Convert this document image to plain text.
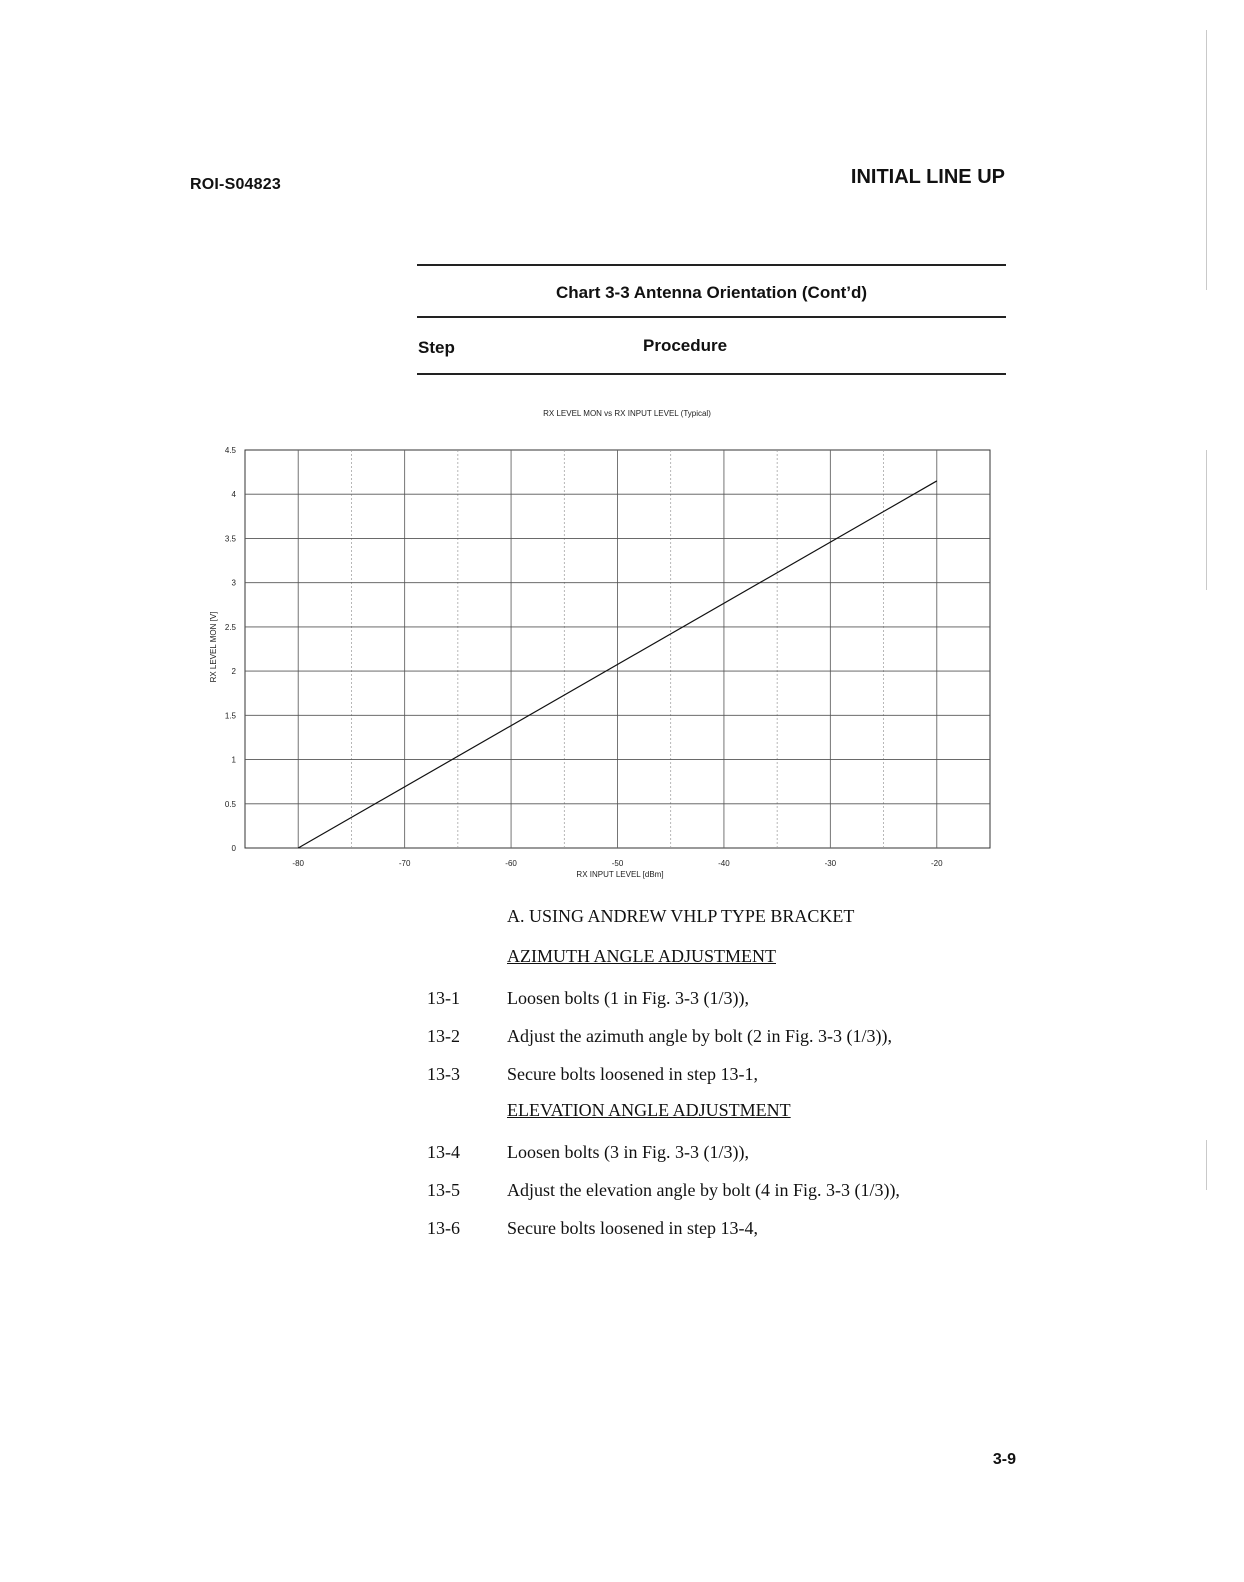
ROI-S04823	INITIAL LINE UP
Chart 3-3 Antenna Orientation (Cont’d)
Step	Procedure
RX LEVEL MON vs RX INPUT LEVEL (Typical)
0
0.5
1
1.5
2
2.5
3
3.5
4
4.5
-80	-70	-60	-50	-40	-30	-20
RX INPUT LEVEL [dBm]
RX LEVEL MON [V]
A. USING ANDREW VHLP TYPE BRACKET
AZIMUTH ANGLE ADJUSTMENT
13-1	Loosen bolts (1 in Fig. 3-3 (1/3)),
13-2	Adjust the azimuth angle by bolt (2 in Fig. 3-3 (1/3)),
13-3	Secure bolts loosened in step 13-1,
ELEVATION ANGLE ADJUSTMENT
13-4	Loosen bolts (3 in Fig. 3-3 (1/3)),
13-5	Adjust the elevation angle by bolt (4 in Fig. 3-3 (1/3)),
13-6	Secure bolts loosened in step 13-4,
3-9
